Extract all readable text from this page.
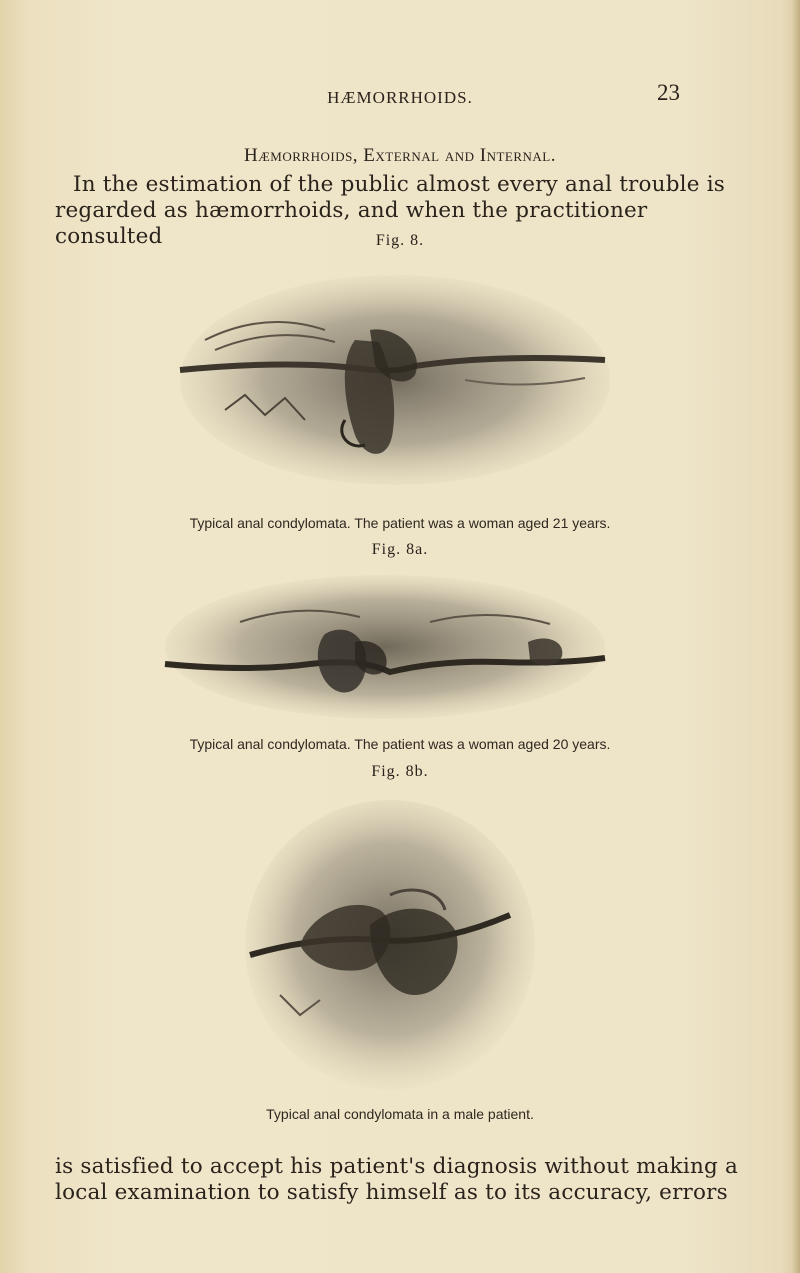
HÆMORRHOIDS.	23
Hæmorrhoids, External and Internal.
In the estimation of the public almost every anal trouble is regarded as hæmorrhoids, and when the practitioner consulted	Fig. 8.
Typical anal condylomata. The patient was a woman aged 21 years.
Fig. 8a.
Typical anal condylomata. The patient was a woman aged 20 years.
Fig. 8b.
Typical anal condylomata in a male patient.
is satisfied to accept his patient's diagnosis without making a local examination to satisfy himself as to its accuracy, errors
